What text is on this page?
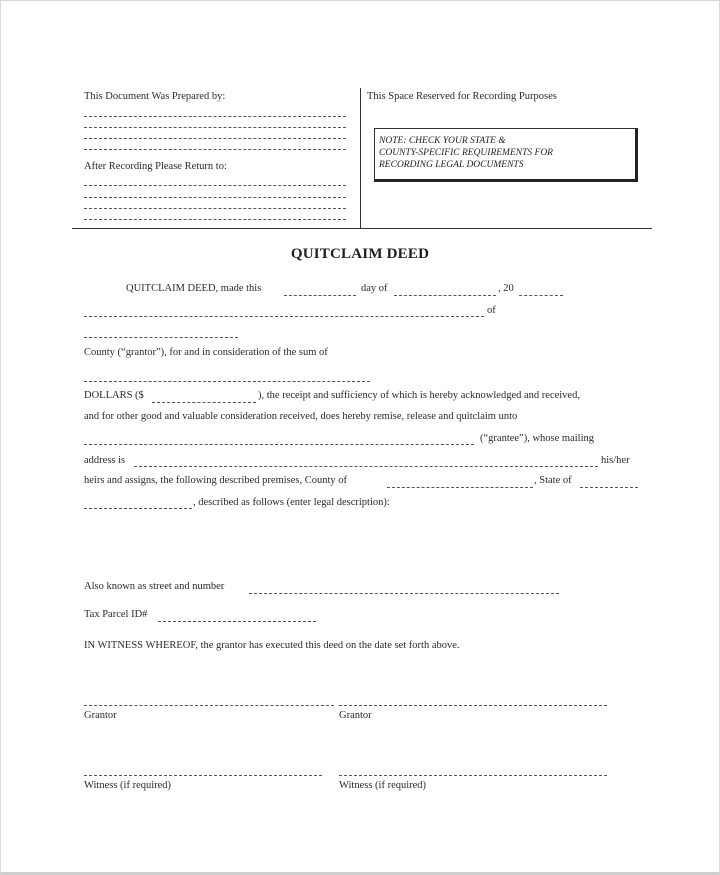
This Document Was Prepared by:
After Recording Please Return to:
This Space Reserved for Recording Purposes
NOTE: CHECK YOUR STATE &
COUNTY-SPECIFIC REQUIREMENTS FOR
RECORDING LEGAL DOCUMENTS
QUITCLAIM DEED
QUITCLAIM DEED, made this	day of	, 20
of
County (“grantor”), for and in consideration of the sum of
DOLLARS ($	), the receipt and sufficiency of which is hereby acknowledged and received,
and for other good and valuable consideration received, does hereby remise, release and quitclaim unto
(“grantee”), whose mailing
address is	his/her
heirs and assigns, the following described premises, County of	, State of
, described as follows (enter legal description):
Also known as street and number
Tax Parcel ID#
IN WITNESS WHEREOF, the grantor has executed this deed on the date set forth above.
Grantor	Grantor
Witness (if required)	Witness (if required)
